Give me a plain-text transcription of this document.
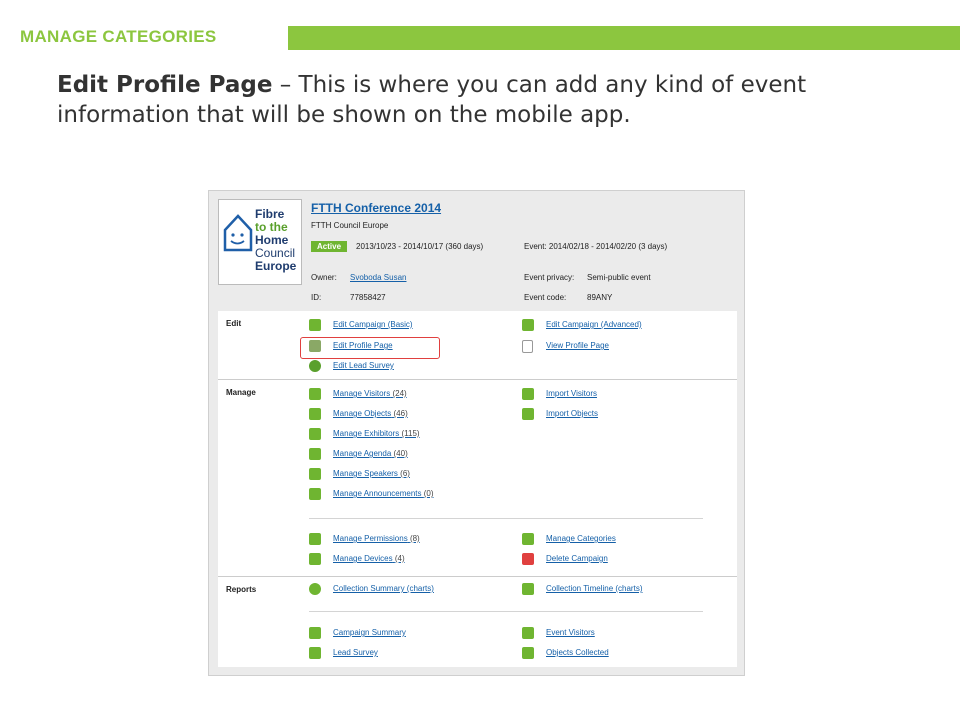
MANAGE CATEGORIES
Edit Profile Page – This is where you can add any kind of event information that will be shown on the mobile app.
Fibre
to the
Home
Council
Europe
FTTH Conference 2014
FTTH Council Europe
Active	2013/10/23 - 2014/10/17 (360 days)	Event: 2014/02/18 - 2014/02/20 (3 days)
Owner: Svoboda Susan	Event privacy: Semi-public event
ID:	77858427	Event code:	89ANY
Edit	Edit Campaign (Basic)	Edit Campaign (Advanced)
Edit Profile Page	View Profile Page
Edit Lead Survey
Manage	Manage Visitors (24)	Import Visitors
Manage Objects (46)	Import Objects
Manage Exhibitors (115)
Manage Agenda (40)
Manage Speakers (6)
Manage Announcements (0)
Manage Permissions (8)	Manage Categories
Manage Devices (4)	Delete Campaign
Reports	Collection Summary (charts)	Collection Timeline (charts)
Campaign Summary	Event Visitors
Lead Survey	Objects Collected
